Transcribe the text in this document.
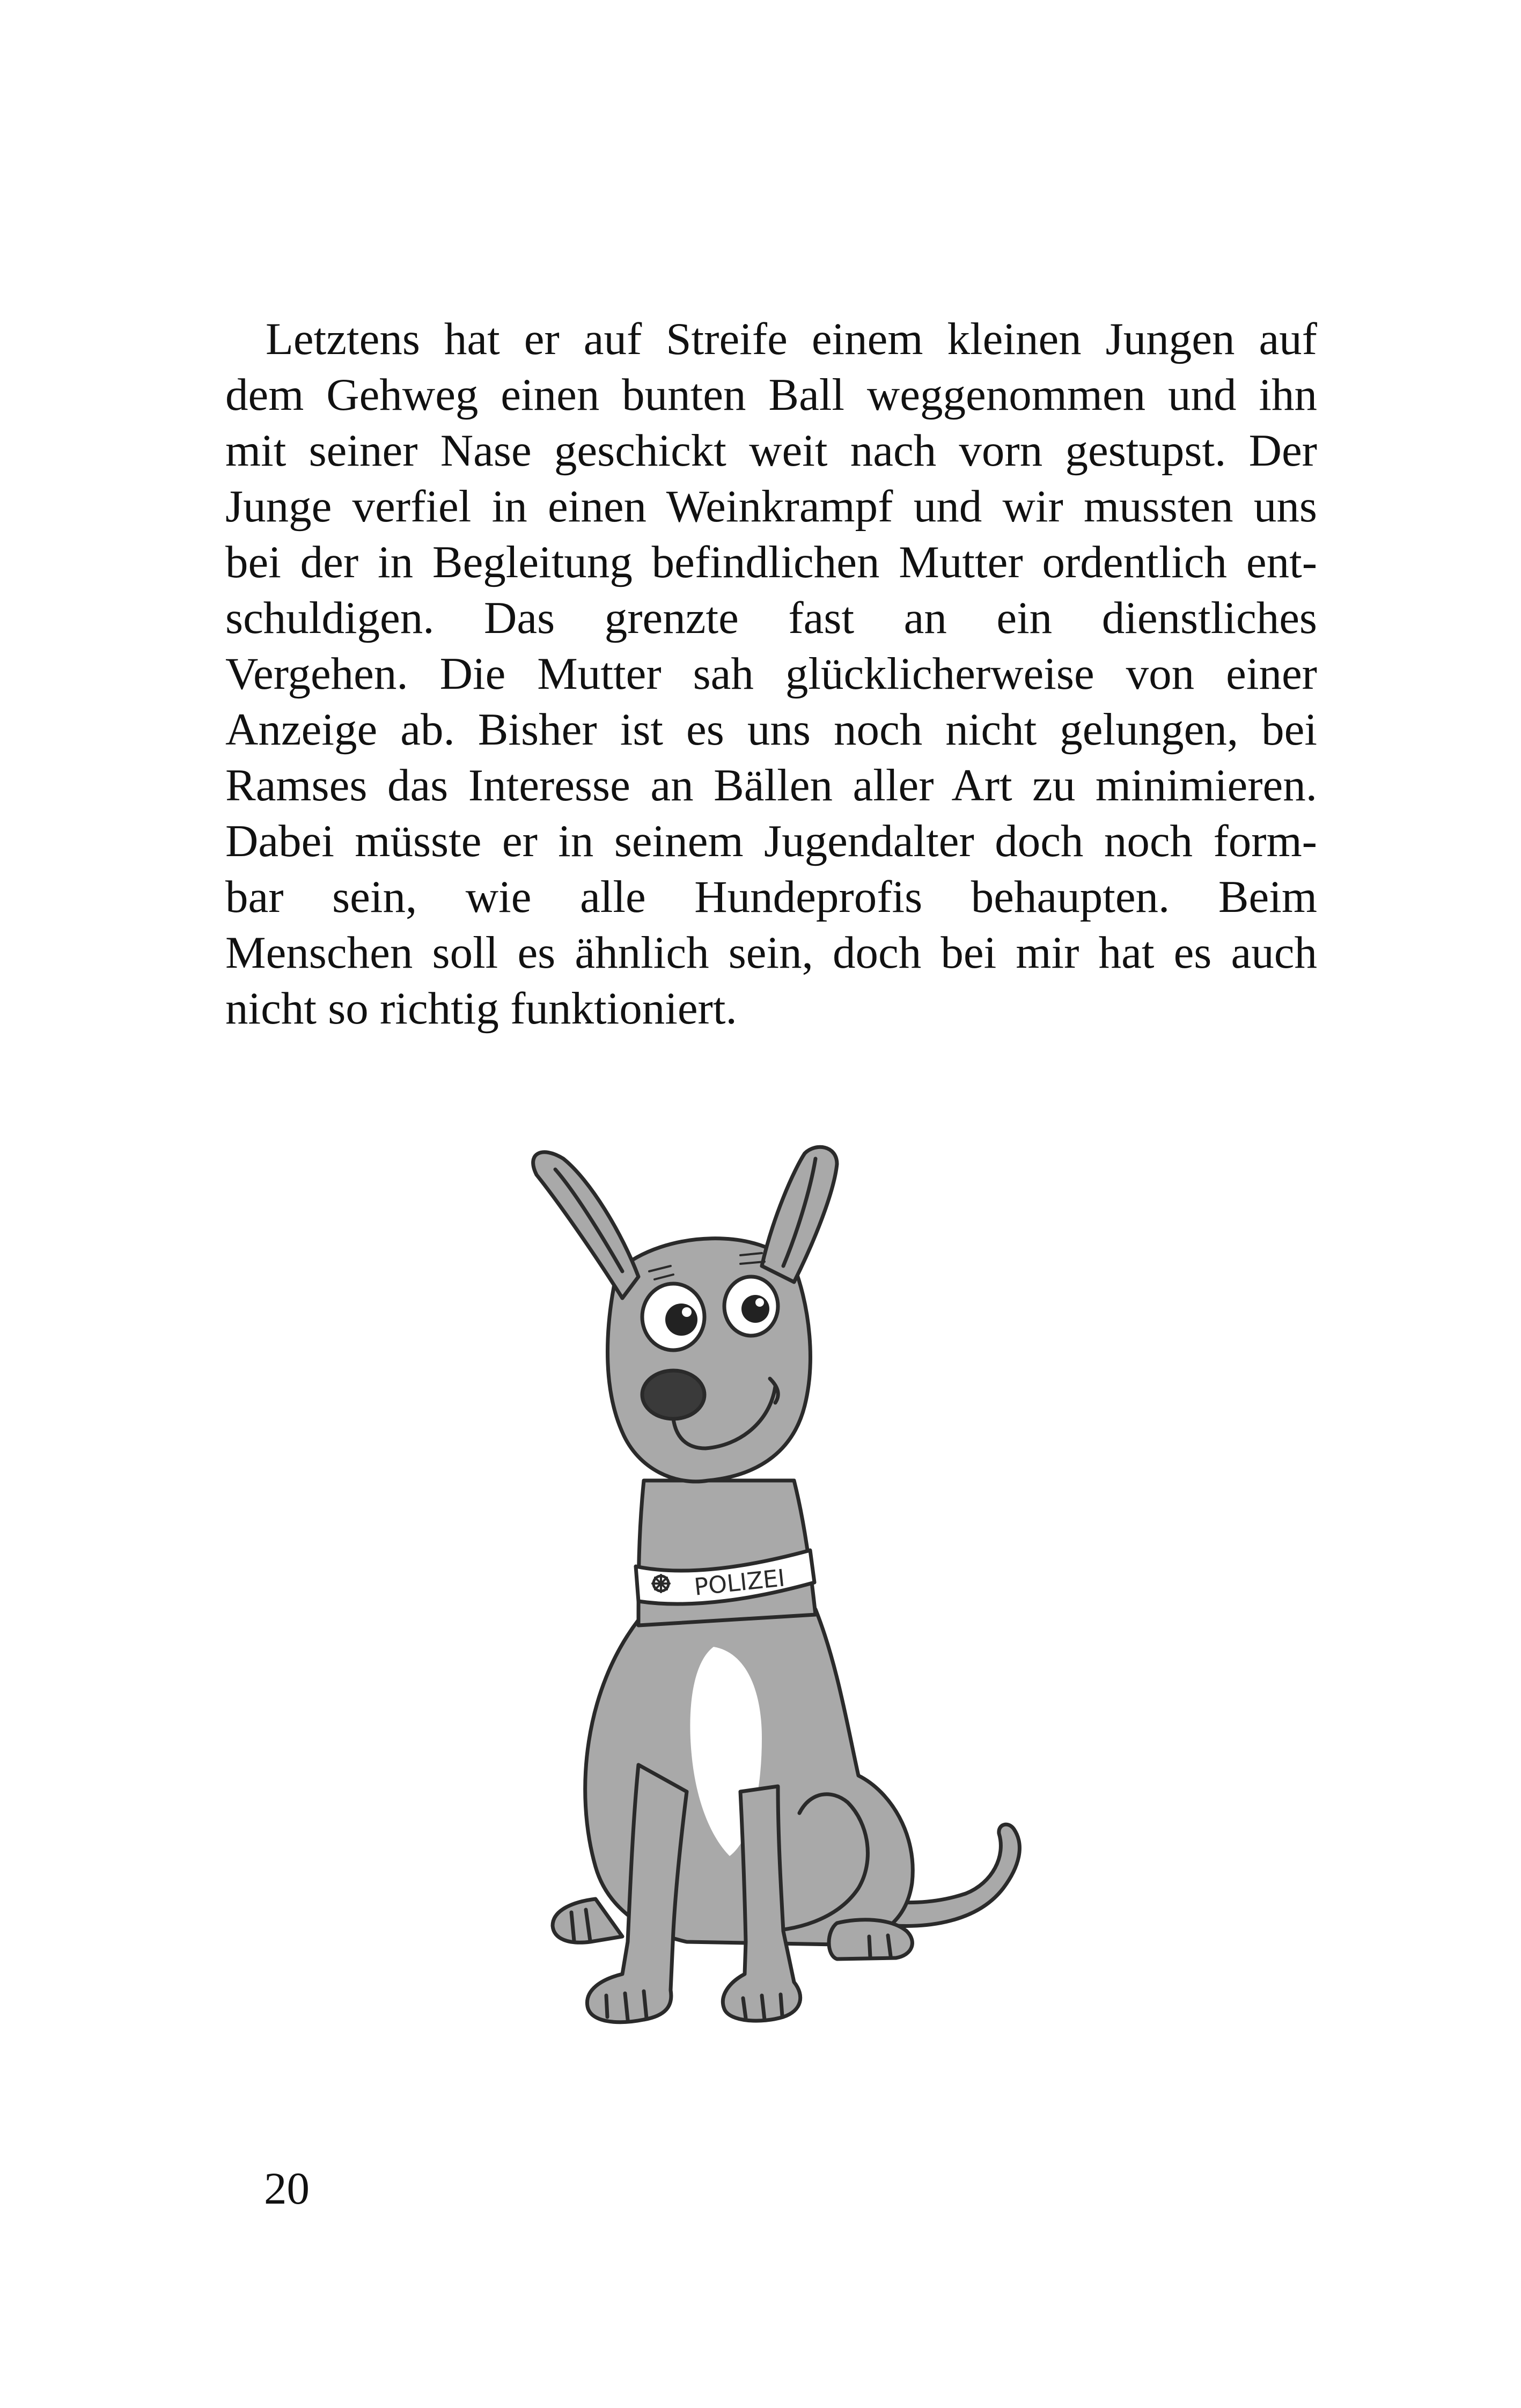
Letztens hat er auf Streife einem kleinen Jungen auf
dem Gehweg einen bunten Ball weggenommen und ihn
mit seiner Nase geschickt weit nach vorn gestupst. Der
Junge verfiel in einen Weinkrampf und wir mussten uns
bei der in Begleitung befindlichen Mutter ordentlich ent-
schuldigen. Das grenzte fast an ein dienstliches
Vergehen. Die Mutter sah glücklicherweise von einer
Anzeige ab. Bisher ist es uns noch nicht gelungen, bei
Ramses das Interesse an Bällen aller Art zu minimieren.
Dabei müsste er in seinem Jugendalter doch noch form-
bar sein, wie alle Hundeprofis behaupten. Beim
Menschen soll es ähnlich sein, doch bei mir hat es auch
nicht so richtig funktioniert.
POLIZEI
20
